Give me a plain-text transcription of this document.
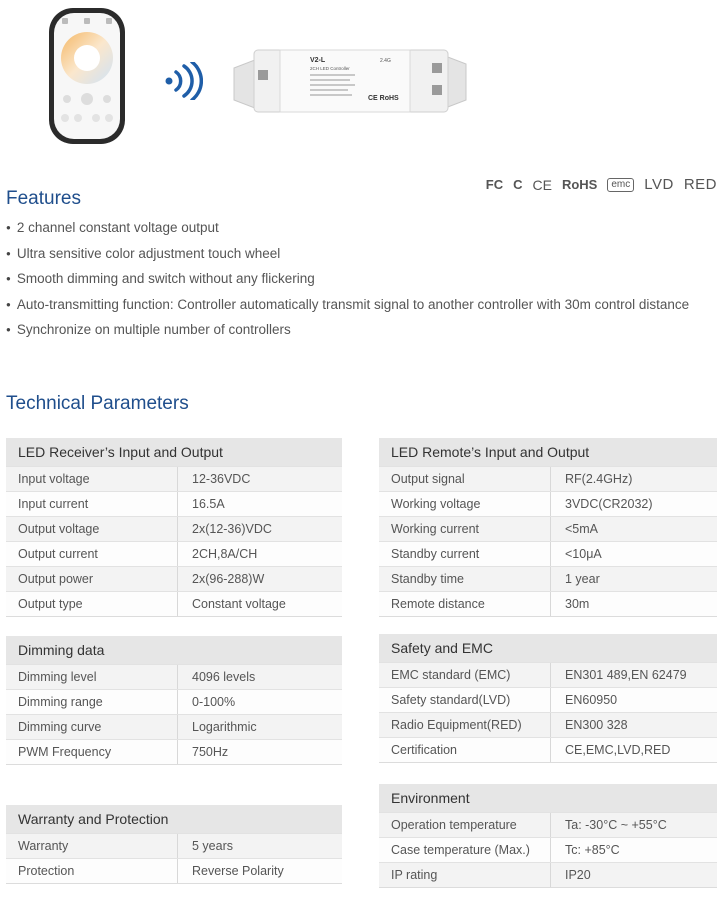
V2-L
2CH LED Controller
2.4G
CE RoHS
Features
FC C CE RoHS	emc LVD RED
● 2 channel constant voltage output
● Ultra sensitive color adjustment touch wheel
● Smooth dimming and switch without any flickering
● Auto-transmitting function: Controller automatically transmit signal to another controller with 30m control distance
● Synchronize on multiple number of controllers
Technical Parameters
LED Receiver’s Input and Output
Input voltage	12-36VDC
Input current	16.5A
Output voltage	2x(12-36)VDC
Output current	2CH,8A/CH
Output power	2x(96-288)W
Output type	Constant voltage
Dimming data
Dimming level	4096 levels
Dimming range	0-100%
Dimming curve	Logarithmic
PWM Frequency	750Hz
Warranty and Protection
Warranty	5 years
Protection	Reverse Polarity
LED Remote’s Input and Output
Output signal	RF(2.4GHz)
Working voltage	3VDC(CR2032)
Working current	<5mA
Standby current	<10μA
Standby time	1 year
Remote distance	30m
Safety and EMC
EMC standard (EMC)	EN301 489,EN 62479
Safety standard(LVD)	EN60950
Radio Equipment(RED)	EN300 328
Certification	CE,EMC,LVD,RED
Environment
Operation temperature	Ta: -30°C ~ +55°C
Case temperature (Max.)	Tc: +85°C
IP rating	IP20
